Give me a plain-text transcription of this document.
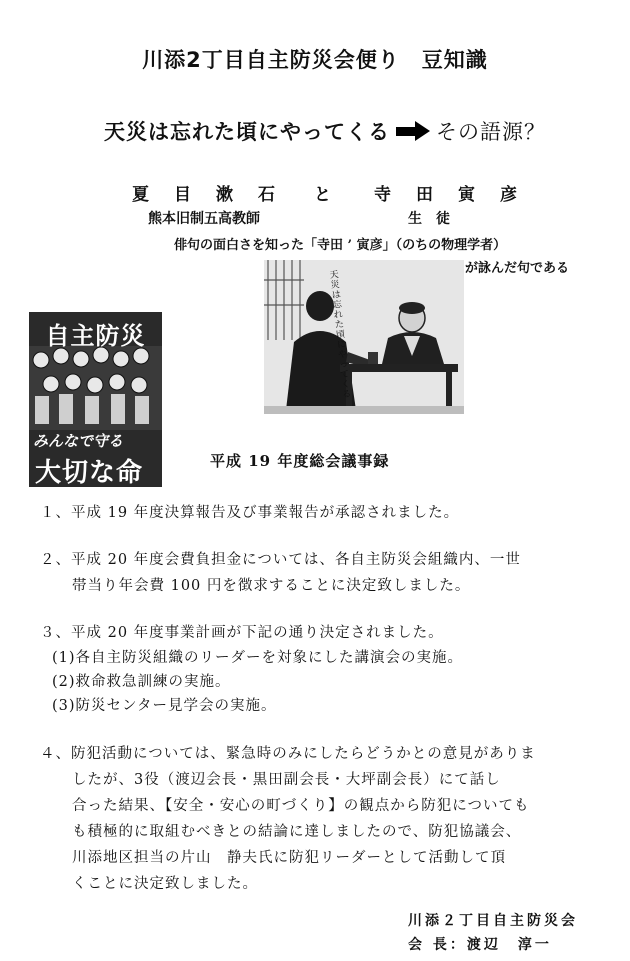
川添2丁目自主防災会便り　豆知識
天災は忘れた頃にやってくる その語源？
夏　目　漱　石 と 寺　田　寅　彦
熊本旧制五高教師	生　徒
俳句の面白さを知った「寺田 ’ 寅彦」（のちの物理学者）
が詠んだ句である
天災は忘れた頃にやってくる
自主防災
みんなで守る
大切な命	平成 19 年度総会議事録
１、平成 19 年度決算報告及び事業報告が承認されました。
２、平成 20 年度会費負担金については、各自主防災会組織内、一世
帯当り年会費 100 円を徴求することに決定致しました。
３、平成 20 年度事業計画が下記の通り決定されました。
(1)各自主防災組織のリーダーを対象にした講演会の実施。
(2)救命救急訓練の実施。
(3)防災センター見学会の実施。
４、防犯活動については、緊急時のみにしたらどうかとの意見がありま
したが、3役（渡辺会長・黒田副会長・大坪副会長）にて話し
合った結果、【安全・安心の町づくり】の観点から防犯についても
も積極的に取組むべきとの結論に達しましたので、防犯協議会、
川添地区担当の片山　静夫氏に防犯リーダーとして活動して頂
くことに決定致しました。
川添２丁目自主防災会
会 長：渡辺　淳一
